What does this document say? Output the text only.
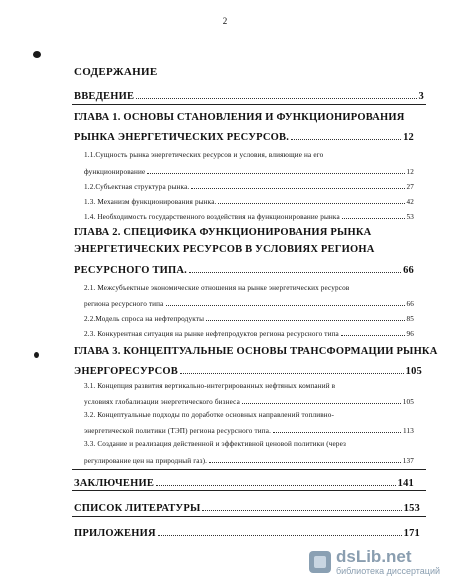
2
СОДЕРЖАНИЕ
ВВЕДЕНИЕ	3
ГЛАВА 1. ОСНОВЫ СТАНОВЛЕНИЯ И ФУНКЦИОНИРОВАНИЯ
РЫНКА ЭНЕРГЕТИЧЕСКИХ РЕСУРСОВ.	12
1.1.Сущность рынка энергетических ресурсов и условия, влияющие на его
функционирование	12
1.2.Субъектная структура рынка.	27
1.3. Механизм функционирования рынка.	42
1.4. Необходимость государственного воздействия на функционирование рынка	53
ГЛАВА 2. СПЕЦИФИКА ФУНКЦИОНИРОВАНИЯ РЫНКА
ЭНЕРГЕТИЧЕСКИХ РЕСУРСОВ В УСЛОВИЯХ РЕГИОНА
РЕСУРСНОГО ТИПА.	66
2.1. Межсубъектные экономические отношения на рынке энергетических ресурсов
региона ресурсного типа	66
2.2.Модель спроса на нефтепродукты	85
2.3. Конкурентная ситуация на рынке нефтепродуктов региона ресурсного типа	96
ГЛАВА 3. КОНЦЕПТУАЛЬНЫЕ ОСНОВЫ ТРАНСФОРМАЦИИ РЫНКА
ЭНЕРГОРЕСУРСОВ	105
3.1. Концепция развития вертикально-интегрированных нефтяных компаний в
условиях глобализации энергетического бизнеса	105
3.2. Концептуальные подходы по доработке основных направлений топливно-
энергетической политики (ТЭП) региона ресурсного типа.	113
3.3. Создание и реализация действенной и эффективной ценовой политики (через
регулирование цен на природный газ).	137
ЗАКЛЮЧЕНИЕ	141
СПИСОК ЛИТЕРАТУРЫ	153
ПРИЛОЖЕНИЯ	171
dsLib.net
библиотека диссертаций
